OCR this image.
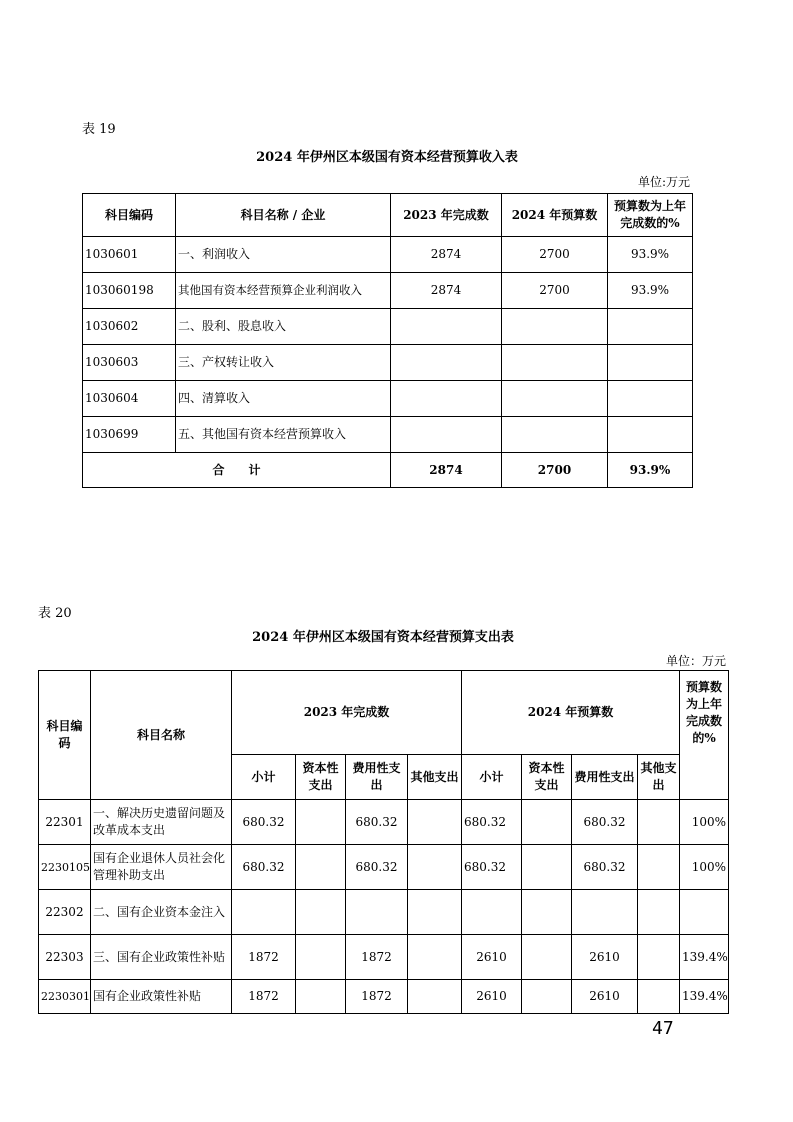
表 19
2024 年伊州区本级国有资本经营预算收入表
单位:万元
科目编码	科目名称 / 企业	2023 年完成数	2024 年预算数	预算数为上年完成数的%
1030601	一、利润收入	2874	2700	93.9%
103060198	其他国有资本经营预算企业利润收入	2874	2700	93.9%
1030602	二、股利、股息收入			
1030603	三、产权转让收入			
1030604	四、清算收入			
1030699	五、其他国有资本经营预算收入			
合　　计		2874	2700	93.9%
表 20
2024 年伊州区本级国有资本经营预算支出表
单位：万元
科目编码	科目名称	2023 年完成数				2024 年预算数				预算数为上年完成数的%
		小计	资本性支出	费用性支出	其他支出	小计	资本性支出	费用性支出	其他支出	
22301	一、解决历史遗留问题及改革成本支出	680.32		680.32		680.32		680.32		100%
2230105	国有企业退休人员社会化管理补助支出	680.32		680.32		680.32		680.32		100%
22302	二、国有企业资本金注入									
22303	三、国有企业政策性补贴	1872		1872		2610		2610		139.4%
2230301	国有企业政策性补贴	1872		1872		2610		2610		139.4%
47
